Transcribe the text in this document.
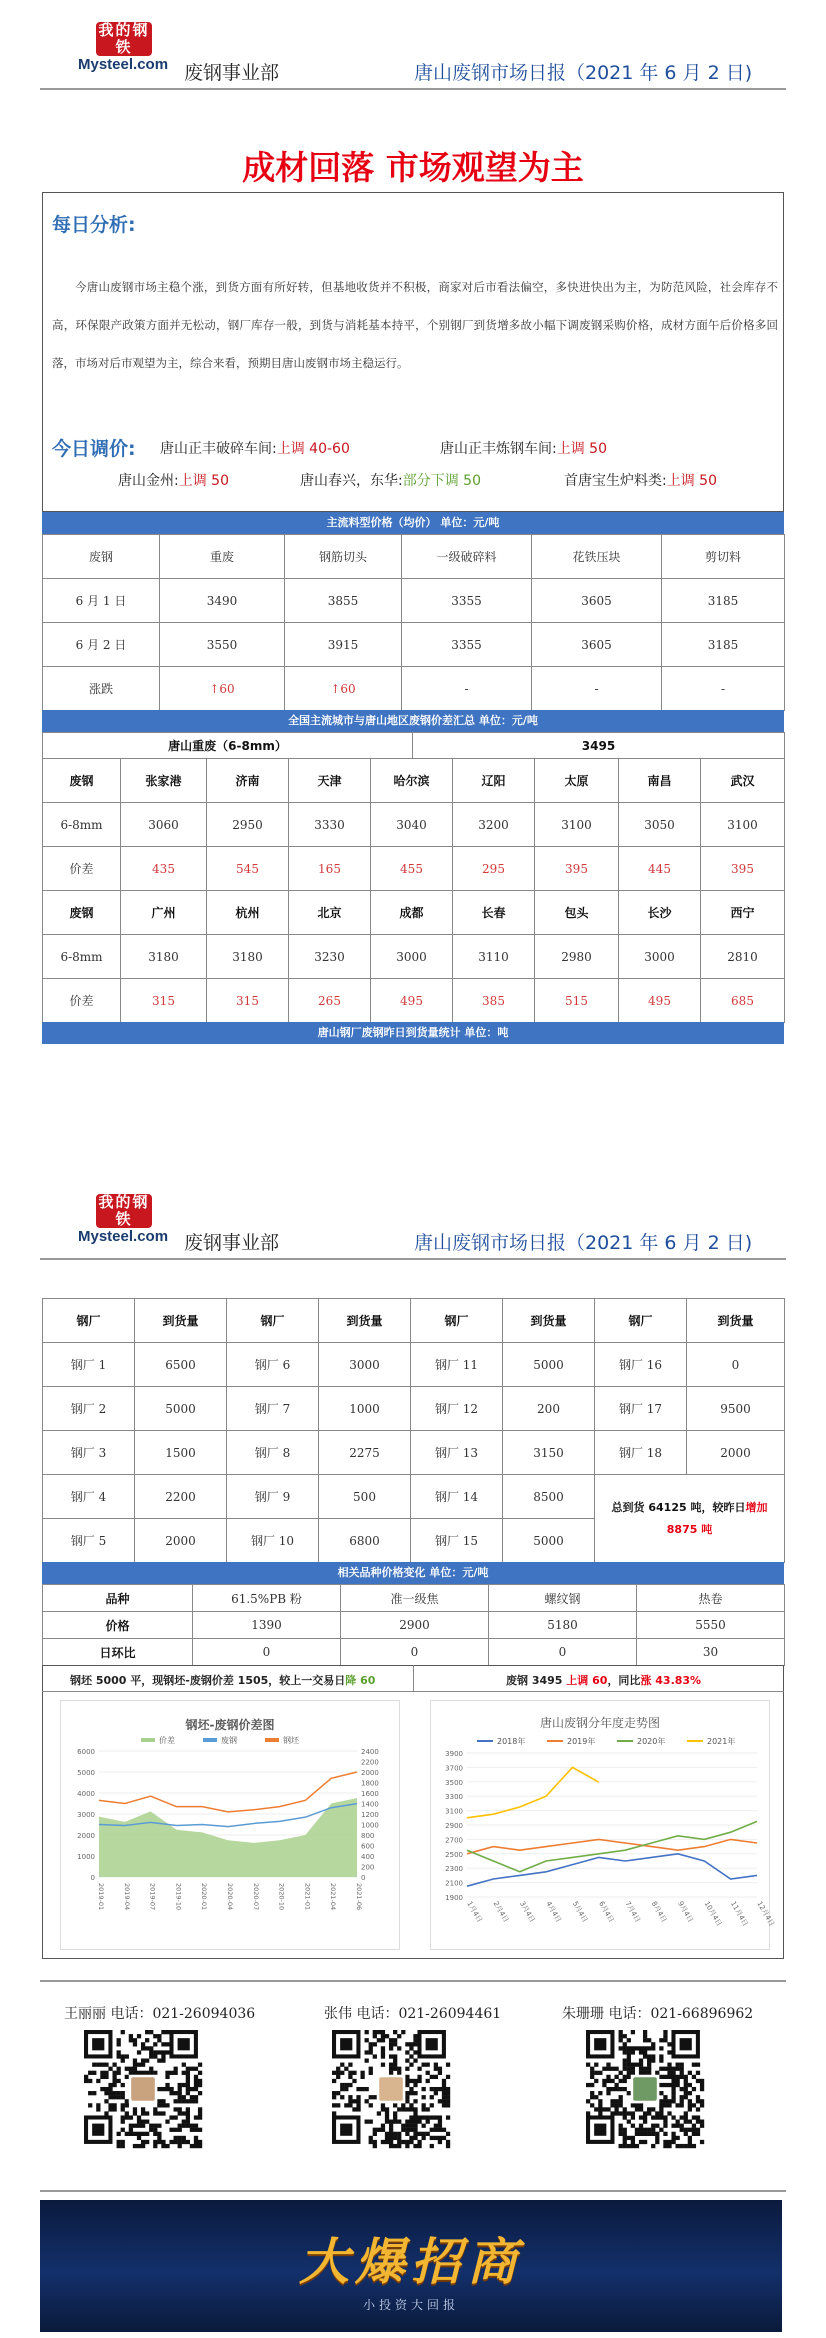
我的钢铁
Mysteel.com 废钢事业部	唐山废钢市场日报（2021 年 6 月 2 日)
成材回落 市场观望为主
每日分析:
今唐山废钢市场主稳个涨，到货方面有所好转，但基地收货并不积极，商家对后市看法偏空，多快进快出为主，为防范风险，社会库存不高，环保限产政策方面并无松动，钢厂库存一般，到货与消耗基本持平，个别钢厂到货增多故小幅下调废钢采购价格，成材方面午后价格多回落，市场对后市观望为主，综合来看，预期目唐山废钢市场主稳运行。
今日调价: 唐山正丰破碎车间:上调 40-60	唐山正丰炼钢车间:上调 50
唐山金州:上调 50	唐山春兴，东华:部分下调 50	首唐宝生炉料类:上调 50
主流料型价格（均价） 单位：元/吨
废钢	重废	钢筋切头	一级破碎料	花铁压块	剪切料
6 月 1 日	3490	3855	3355	3605	3185
6 月 2 日	3550	3915	3355	3605	3185
涨跌	↑60	↑60	-	-	-
全国主流城市与唐山地区废钢价差汇总 单位：元/吨
唐山重废（6-8mm）	3495
废钢	张家港	济南	天津	哈尔滨	辽阳	太原	南昌	武汉
6-8mm	3060	2950	3330	3040	3200	3100	3050	3100
价差	435	545	165	455	295	395	445	395
废钢	广州	杭州	北京	成都	长春	包头	长沙	西宁
6-8mm	3180	3180	3230	3000	3110	2980	3000	2810
价差	315	315	265	495	385	515	495	685
唐山钢厂废钢昨日到货量统计 单位：吨
我的钢铁
Mysteel.com 废钢事业部	唐山废钢市场日报（2021 年 6 月 2 日)
钢厂	到货量	钢厂	到货量	钢厂	到货量	钢厂	到货量
钢厂 1	6500	钢厂 6	3000	钢厂 11	5000	钢厂 16	0
钢厂 2	5000	钢厂 7	1000	钢厂 12	200	钢厂 17	9500
钢厂 3	1500	钢厂 8	2275	钢厂 13	3150	钢厂 18	2000
钢厂 4	2200	钢厂 9	500	钢厂 14	8500	总到货 64125 吨，较昨日增加
8875 吨	
钢厂 5	2000	钢厂 10	6800	钢厂 15	5000		
相关品种价格变化 单位：元/吨
品种	61.5%PB 粉	准一级焦	螺纹钢	热卷
价格	1390	2900	5180	5550
日环比	0	0	0	30
钢坯 5000 平，现钢坯-废钢价差 1505，较上一交易日降 60	废钢 3495 上调 60，同比涨 43.83%
钢坯-废钢价差图
价差	废钢	钢坯
0
1000
2000
3000
4000
5000
6000
0
200
400
600
800
1000
1200
1400
1600
1800
2000
2200
2400
2019-01	2019-04	2019-07	2019-10	2020-01	2020-04	2020-07	2020-10	2021-01	2021-04	2021-06
唐山废钢分年度走势图
2018年	2019年	2020年	2021年
1900
2100
2300
2500
2700
2900
3100
3300
3500
3700
3900
1月4日 2月4日 3月4日 4月4日 5月4日 6月4日 7月4日 8月4日 9月4日 10月4日 11月4日 12月4日
王丽丽 电话：021-26094036	张伟 电话：021-26094461	朱珊珊 电话：021-66896962
大爆招商
小投资大回报
